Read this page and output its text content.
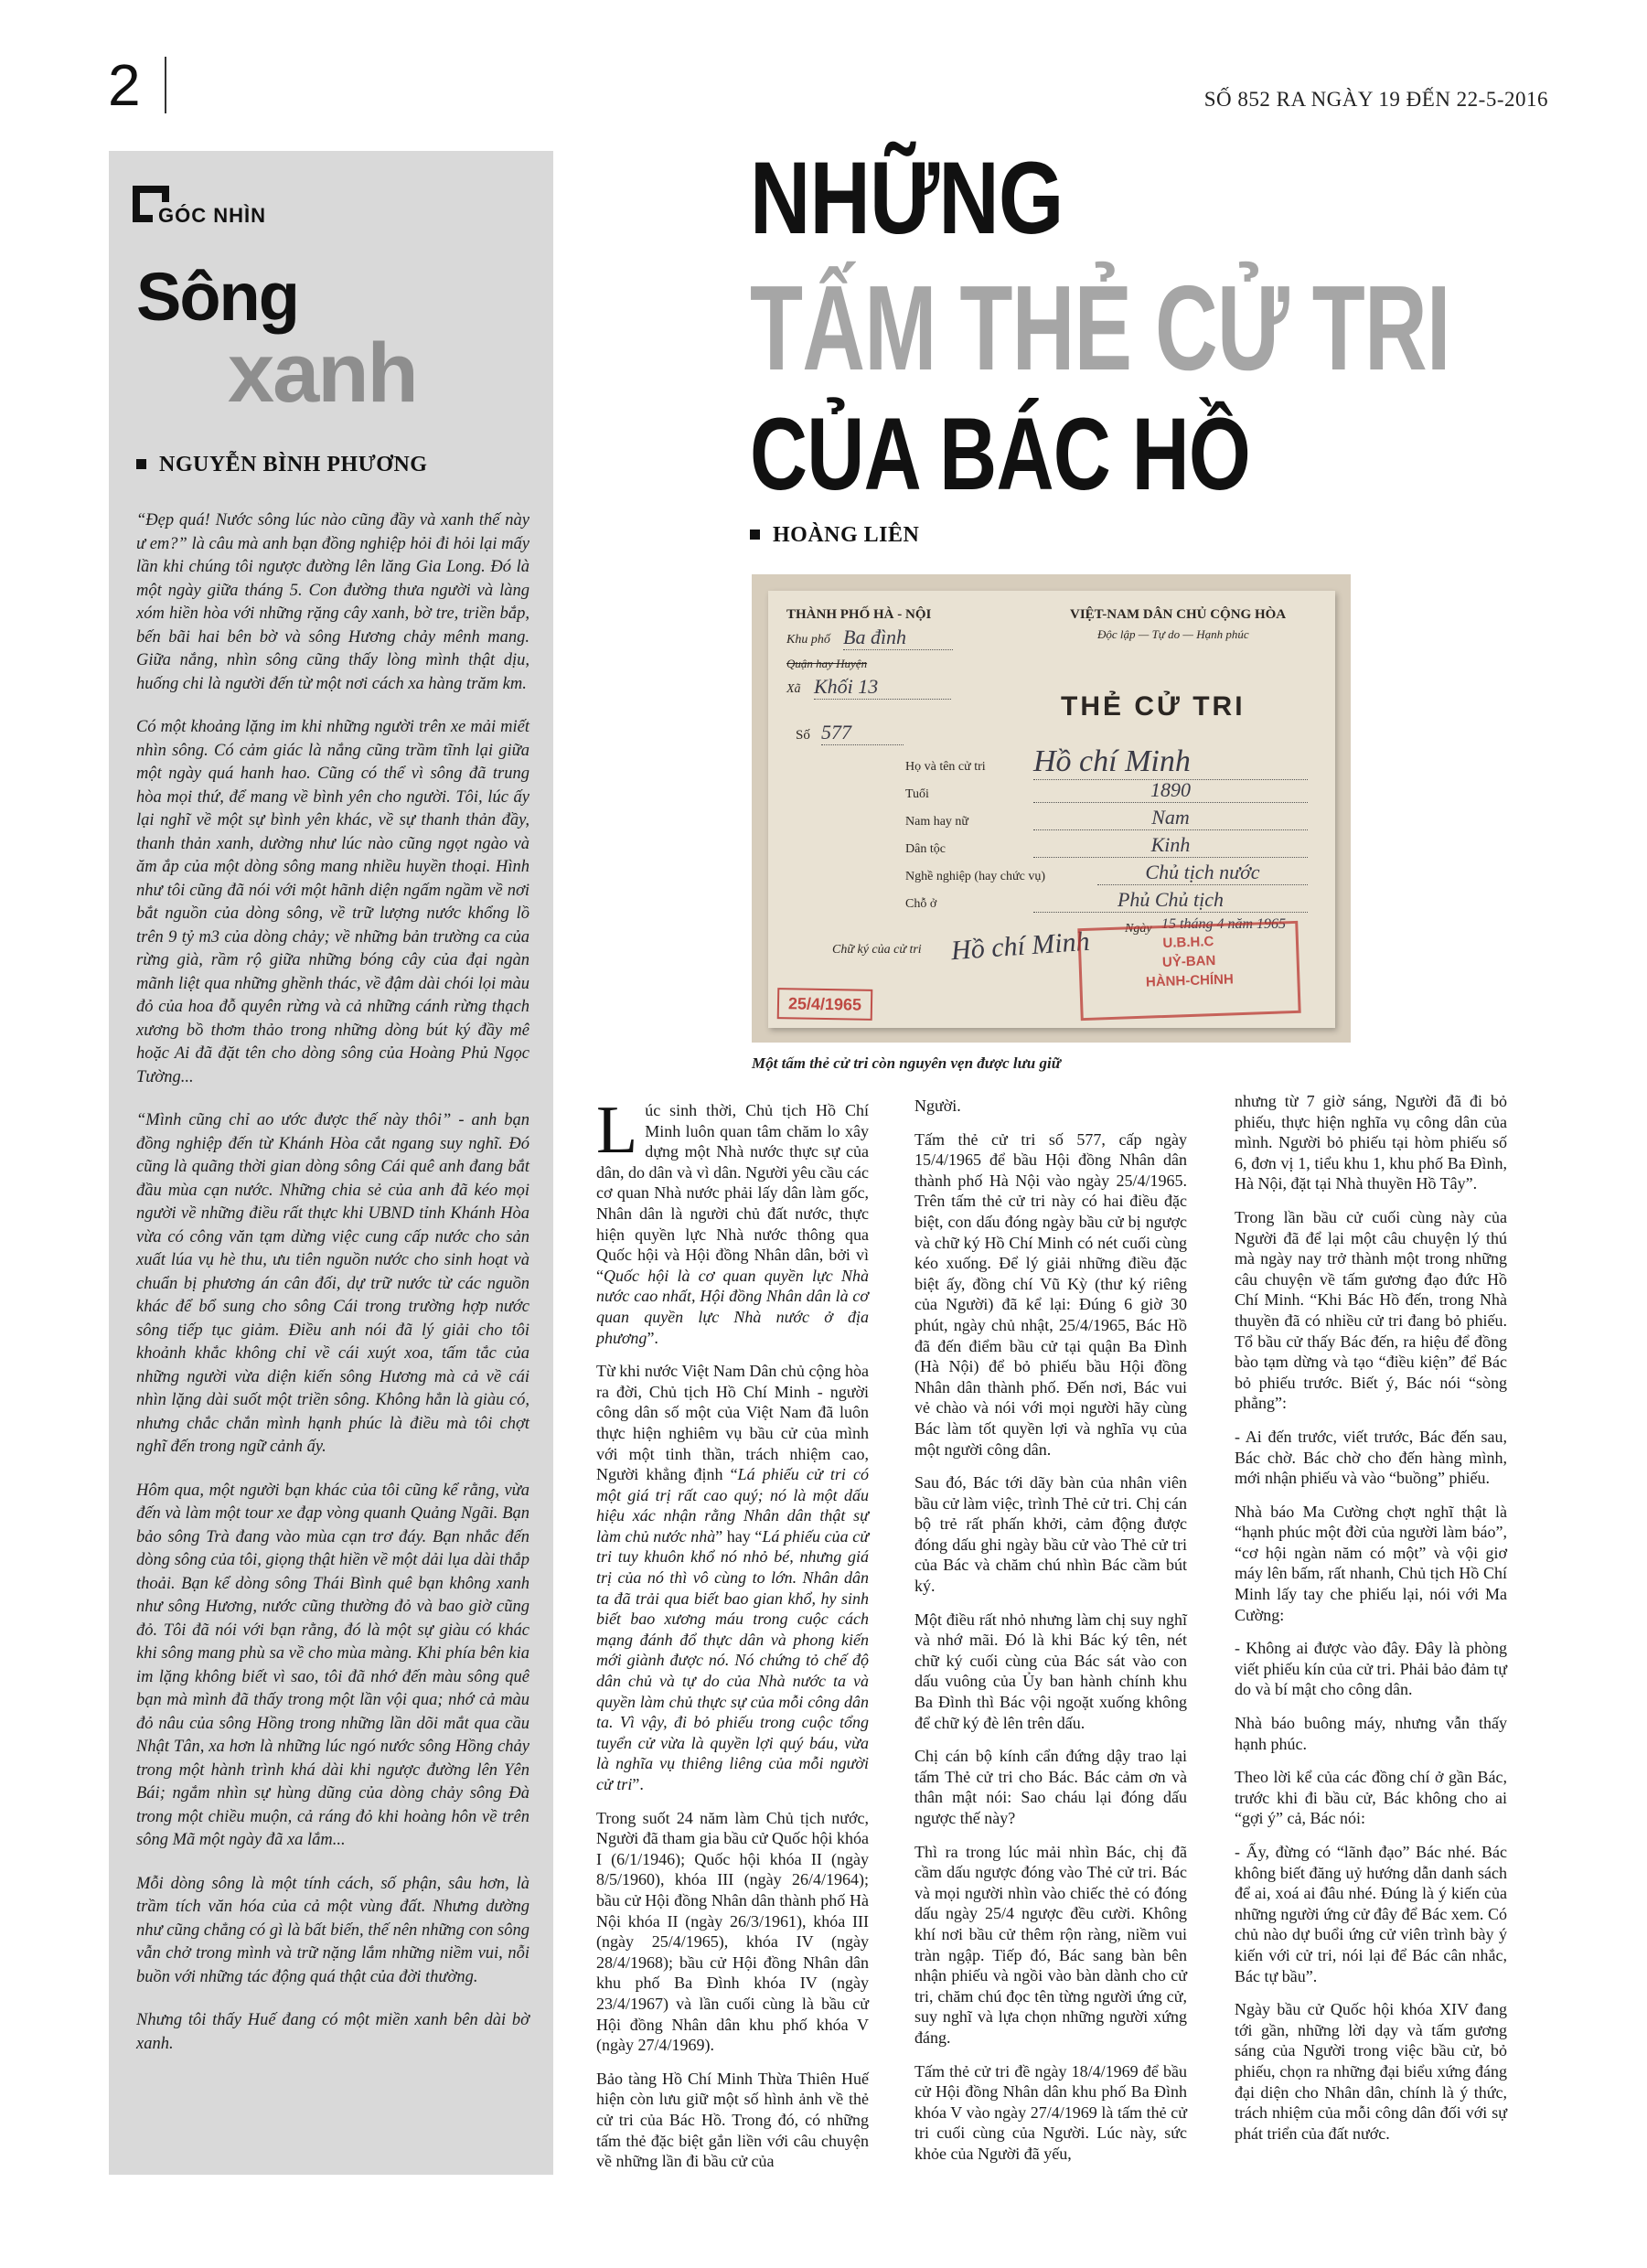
2	SỐ 852 RA NGÀY 19 ĐẾN 22-5-2016
GÓC NHÌN
Sông
xanh
NGUYỄN BÌNH PHƯƠNG

“Đẹp quá! Nước sông lúc nào cũng đầy và xanh thế này ư em?” là câu mà anh bạn đồng nghiệp hỏi đi hỏi lại mấy lần khi chúng tôi ngược đường lên lăng Gia Long. Đó là một ngày giữa tháng 5. Con đường thưa người và làng xóm hiền hòa với những rặng cây xanh, bờ tre, triền bắp, bến bãi hai bên bờ và sông Hương chảy mênh mang. Giữa nắng, nhìn sông cũng thấy lòng mình thật dịu, huống chi là người đến từ một nơi cách xa hàng trăm km.

Có một khoảng lặng im khi những người trên xe mải miết nhìn sông. Có cảm giác là nắng cũng trầm tĩnh lại giữa một ngày quá hanh hao. Cũng có thể vì sông đã trung hòa mọi thứ, để mang về bình yên cho người. Tôi, lúc ấy lại nghĩ về một sự bình yên khác, về sự thanh thản đầy, thanh thản xanh, dường như lúc nào cũng ngọt ngào và ăm ắp của một dòng sông mang nhiều huyền thoại. Hình như tôi cũng đã nói với một hãnh diện ngấm ngầm về nơi bắt nguồn của dòng sông, về trữ lượng nước khổng lồ trên 9 tỷ m3 của dòng chảy; về những bản trường ca của rừng già, rầm rộ giữa những bóng cây của đại ngàn mãnh liệt qua những ghềnh thác, về đậm dài chói lọi màu đỏ của hoa đỗ quyên rừng và cả những cánh rừng thạch xương bồ thơm thảo trong những dòng bút ký đầy mê hoặc Ai đã đặt tên cho dòng sông của Hoàng Phủ Ngọc Tường...

“Mình cũng chỉ ao ước được thế này thôi” - anh bạn đồng nghiệp đến từ Khánh Hòa cắt ngang suy nghĩ. Đó cũng là quãng thời gian dòng sông Cái quê anh đang bắt đầu mùa cạn nước. Những chia sẻ của anh đã kéo mọi người về những điều rất thực khi UBND tỉnh Khánh Hòa vừa có công văn tạm dừng việc cung cấp nước cho sản xuất lúa vụ hè thu, ưu tiên nguồn nước cho sinh hoạt và chuẩn bị phương án cân đối, dự trữ nước từ các nguồn khác để bổ sung cho sông Cái trong trường hợp nước sông tiếp tục giảm. Điều anh nói đã lý giải cho tôi khoảnh khắc không chỉ về cái xuýt xoa, tấm tắc của những người vừa diện kiến sông Hương mà cả về cái nhìn lặng dài suốt một triền sông. Không hẳn là giàu có, nhưng chắc chắn mình hạnh phúc là điều mà tôi chợt nghĩ đến trong ngữ cảnh ấy.

Hôm qua, một người bạn khác của tôi cũng kể rằng, vừa đến và làm một tour xe đạp vòng quanh Quảng Ngãi. Bạn bảo sông Trà đang vào mùa cạn trơ đáy. Bạn nhắc đến dòng sông của tôi, giọng thật hiền về một dải lụa dài thắp thoải. Bạn kể dòng sông Thái Bình quê bạn không xanh như sông Hương, nước cũng thường đỏ và bao giờ cũng đỏ. Tôi đã nói với bạn rằng, đó là một sự giàu có khác khi sông mang phù sa về cho mùa màng. Khi phía bên kia im lặng không biết vì sao, tôi đã nhớ đến màu sông quê bạn mà mình đã thấy trong một lần vội qua; nhớ cả màu đỏ nâu của sông Hồng trong những lần dõi mắt qua cầu Nhật Tân, xa hơn là những lúc ngó nước sông Hồng chảy trong một hành trình khá dài khi ngược đường lên Yên Bái; ngắm nhìn sự hùng dũng của dòng chảy sông Đà trong một chiều muộn, cả ráng đỏ khi hoàng hôn về trên sông Mã một ngày đã xa lắm...

Mỗi dòng sông là một tính cách, số phận, sâu hơn, là trầm tích văn hóa của cả một vùng đất. Nhưng dường như cũng chẳng có gì là bất biến, thế nên những con sông vẫn chở trong mình và trữ nặng lắm những niềm vui, nỗi buồn với những tác động quá thật của đời thường.

Nhưng tôi thấy Huế đang có một miền xanh bên dài bờ xanh.

NHỮNG
TẤM THẺ CỬ TRI
CỦA BÁC HỒ
HOÀNG LIÊN
THÀNH PHỐ HÀ - NỘI	VIỆT-NAM DÂN CHỦ CỘNG HÒA
Độc lập — Tự do — Hạnh phúc
Khu phố Ba đình
Quận hay Huyện
Xã Khối 13
THẺ CỬ TRI
Số 577
Họ và tên cử tri Hồ chí Minh
Tuổi	1890
Nam hay nữ	Nam
Dân tộc	Kinh
Nghề nghiệp (hay chức vụ)	Chủ tịch nước
Chỗ ở	Phủ Chủ tịch
Ngày 15 tháng 4 năm 1965
Chữ ký của cử tri Hồ chí Minh	U.B.H.C
UỶ-BAN
HÀNH-CHÍNH
25/4/1965
Một tấm thẻ cử tri còn nguyên vẹn được lưu giữ

Lúc sinh thời, Chủ tịch Hồ Chí Minh luôn quan tâm chăm lo xây dựng một Nhà nước thực sự của dân, do dân và vì dân. Người yêu cầu các cơ quan Nhà nước phải lấy dân làm gốc, Nhân dân là người chủ đất nước, thực hiện quyền lực Nhà nước thông qua Quốc hội và Hội đồng Nhân dân, bởi vì “Quốc hội là cơ quan quyền lực Nhà nước cao nhất, Hội đồng Nhân dân là cơ quan quyền lực Nhà nước ở địa phương”.

Từ khi nước Việt Nam Dân chủ cộng hòa ra đời, Chủ tịch Hồ Chí Minh - người công dân số một của Việt Nam đã luôn thực hiện nghiêm vụ bầu cử của mình với một tinh thần, trách nhiệm cao, Người khẳng định “Lá phiếu cử tri có một giá trị rất cao quý; nó là một dấu hiệu xác nhận rằng Nhân dân thật sự làm chủ nước nhà” hay “Lá phiếu của cử tri tuy khuôn khổ nó nhỏ bé, nhưng giá trị của nó thì vô cùng to lớn. Nhân dân ta đã trải qua biết bao gian khổ, hy sinh biết bao xương máu trong cuộc cách mạng đánh đổ thực dân và phong kiến mới giành được nó. Nó chứng tỏ chế độ dân chủ và tự do của Nhà nước ta và quyền làm chủ thực sự của mỗi công dân ta. Vì vậy, đi bỏ phiếu trong cuộc tổng tuyển cử vừa là quyền lợi quý báu, vừa là nghĩa vụ thiêng liêng của mỗi người cử tri”.

Trong suốt 24 năm làm Chủ tịch nước, Người đã tham gia bầu cử Quốc hội khóa I (6/1/1946); Quốc hội khóa II (ngày 8/5/1960), khóa III (ngày 26/4/1964); bầu cử Hội đồng Nhân dân thành phố Hà Nội khóa II (ngày 26/3/1961), khóa III (ngày 25/4/1965), khóa IV (ngày 28/4/1968); bầu cử Hội đồng Nhân dân khu phố Ba Đình khóa IV (ngày 23/4/1967) và lần cuối cùng là bầu cử Hội đồng Nhân dân khu phố khóa V (ngày 27/4/1969).

Bảo tàng Hồ Chí Minh Thừa Thiên Huế hiện còn lưu giữ một số hình ảnh về thẻ cử tri của Bác Hồ. Trong đó, có những tấm thẻ đặc biệt gắn liền với câu chuyện về những lần đi bầu cử của

Người.

Tấm thẻ cử tri số 577, cấp ngày 15/4/1965 để bầu Hội đồng Nhân dân thành phố Hà Nội vào ngày 25/4/1965. Trên tấm thẻ cử tri này có hai điều đặc biệt, con dấu đóng ngày bầu cử bị ngược và chữ ký Hồ Chí Minh có nét cuối cùng kéo xuống. Để lý giải những điều đặc biệt ấy, đồng chí Vũ Kỳ (thư ký riêng của Người) đã kể lại: Đúng 6 giờ 30 phút, ngày chủ nhật, 25/4/1965, Bác Hồ đã đến điểm bầu cử tại quận Ba Đình (Hà Nội) để bỏ phiếu bầu Hội đồng Nhân dân thành phố. Đến nơi, Bác vui vẻ chào và nói với mọi người hãy cùng Bác làm tốt quyền lợi và nghĩa vụ của một người công dân.

Sau đó, Bác tới dãy bàn của nhân viên bầu cử làm việc, trình Thẻ cử tri. Chị cán bộ trẻ rất phấn khởi, cảm động được đóng dấu ghi ngày bầu cử vào Thẻ cử tri của Bác và chăm chú nhìn Bác cầm bút ký.

Một điều rất nhỏ nhưng làm chị suy nghĩ và nhớ mãi. Đó là khi Bác ký tên, nét chữ ký cuối cùng của Bác sát vào con dấu vuông của Ủy ban hành chính khu Ba Đình thì Bác vội ngoặt xuống không để chữ ký đè lên trên dấu.

Chị cán bộ kính cẩn đứng dậy trao lại tấm Thẻ cử tri cho Bác. Bác cảm ơn và thân mật nói: Sao cháu lại đóng dấu ngược thế này?

Thì ra trong lúc mải nhìn Bác, chị đã cầm dấu ngược đóng vào Thẻ cử tri. Bác và mọi người nhìn vào chiếc thẻ có đóng dấu ngày 25/4 ngược đều cười. Không khí nơi bầu cử thêm rộn ràng, niềm vui tràn ngập. Tiếp đó, Bác sang bàn bên nhận phiếu và ngồi vào bàn dành cho cử tri, chăm chú đọc tên từng người ứng cử, suy nghĩ và lựa chọn những người xứng đáng.

Tấm thẻ cử tri đề ngày 18/4/1969 để bầu cử Hội đồng Nhân dân khu phố Ba Đình khóa V vào ngày 27/4/1969 là tấm thẻ cử tri cuối cùng của Người. Lúc này, sức khỏe của Người đã yếu,

nhưng từ 7 giờ sáng, Người đã đi bỏ phiếu, thực hiện nghĩa vụ công dân của mình. Người bỏ phiếu tại hòm phiếu số 6, đơn vị 1, tiểu khu 1, khu phố Ba Đình, Hà Nội, đặt tại Nhà thuyền Hồ Tây”.

Trong lần bầu cử cuối cùng này của Người đã để lại một câu chuyện lý thú mà ngày nay trở thành một trong những câu chuyện về tấm gương đạo đức Hồ Chí Minh. “Khi Bác Hồ đến, trong Nhà thuyền đã có nhiều cử tri đang bỏ phiếu. Tổ bầu cử thấy Bác đến, ra hiệu để đồng bào tạm dừng và tạo “điều kiện” để Bác bỏ phiếu trước. Biết ý, Bác nói “sòng phẳng”:

- Ai đến trước, viết trước, Bác đến sau, Bác chờ. Bác chờ cho đến hàng mình, mới nhận phiếu và vào “buồng” phiếu.

Nhà báo Ma Cường chợt nghĩ thật là “hạnh phúc một đời của người làm báo”, “cơ hội ngàn năm có một” và vội giơ máy lên bấm, rất nhanh, Chủ tịch Hồ Chí Minh lấy tay che phiếu lại, nói với Ma Cường:

- Không ai được vào đây. Đây là phòng viết phiếu kín của cử tri. Phải bảo đảm tự do và bí mật cho công dân.

Nhà báo buông máy, nhưng vẫn thấy hạnh phúc.

Theo lời kể của các đồng chí ở gần Bác, trước khi đi bầu cử, Bác không cho ai “gợi ý” cả, Bác nói:

- Ấy, đừng có “lãnh đạo” Bác nhé. Bác không biết đăng uỷ hướng dẫn danh sách để ai, xoá ai đâu nhé. Đúng là ý kiến của những người ứng cử đây để Bác xem. Có chủ nào dự buổi ứng cử viên trình bày ý kiến với cử tri, nói lại để Bác cân nhắc, Bác tự bầu”.

Ngày bầu cử Quốc hội khóa XIV đang tới gần, những lời dạy và tấm gương sáng của Người trong việc bầu cử, bỏ phiếu, chọn ra những đại biểu xứng đáng đại diện cho Nhân dân, chính là ý thức, trách nhiệm của mỗi công dân đối với sự phát triển của đất nước.
